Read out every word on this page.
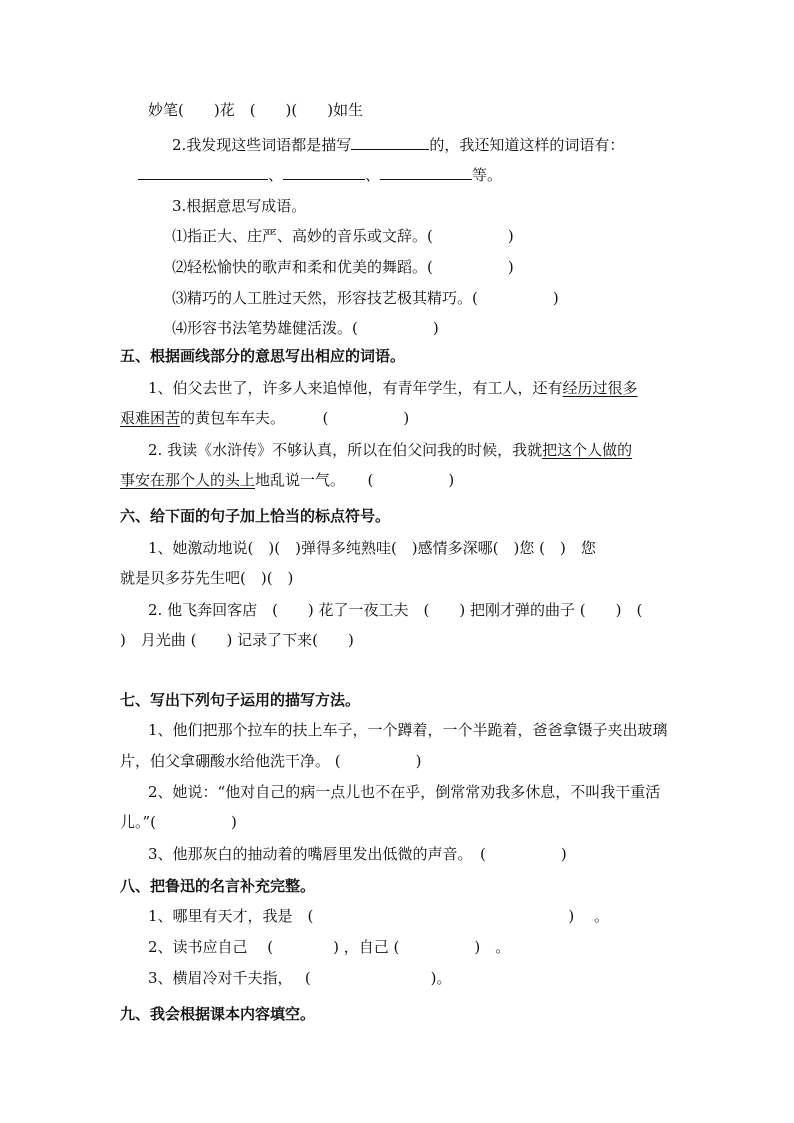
妙笔(　　)花　(　　)(　　)如生
2.我发现这些词语都是描写	的，我还知道这样的词语有：
、	、	等。
3.根据意思写成语。
⑴指正大、庄严、高妙的音乐或文辞。(　　　　　)
⑵轻松愉快的歌声和柔和优美的舞蹈。(　　　　　)
⑶精巧的人工胜过天然，形容技艺极其精巧。(　　　　　)
⑷形容书法笔势雄健活泼。(　　　　　)
五、根据画线部分的意思写出相应的词语。
1、伯父去世了，许多人来追悼他，有青年学生，有工人，还有经历过很多
艰难困苦的黄包车车夫。　　　(　　　　　)
2. 我读《水浒传》不够认真，所以在伯父问我的时候，我就把这个人做的
事安在那个人的头上地乱说一气。　　(　　　　　)
六、给下面的句子加上恰当的标点符号。
1、她激动地说(　)(　)弹得多纯熟哇(　)感情多深哪(　)您 (　)　您
就是贝多芬先生吧(　)(　)
2. 他飞奔回客店　(　　) 花了一夜工夫　(　　) 把刚才弹的曲子 (　　)　(
)　月光曲 (　　) 记录了下来(　　)
七、写出下列句子运用的描写方法。
1、他们把那个拉车的扶上车子，一个蹲着，一个半跪着，爸爸拿镊子夹出玻璃
片，伯父拿硼酸水给他洗干净。 (　　　　　)
2、她说：“他对自己的病一点儿也不在乎，倒常常劝我多休息，不叫我干重活
儿。”(　　　　　)
3、他那灰白的抽动着的嘴唇里发出低微的声音。　(　　　　　)
八、把鲁迅的名言补充完整。
1、哪里有天才，我是　(　　　　　　　　　　　　　　　　　)　 。
2、读书应自己　 (　　　　) ，自己 (　　　　　)　。
3、横眉冷对千夫指，　 (　　　　　　　　)。
九、我会根据课本内容填空。
